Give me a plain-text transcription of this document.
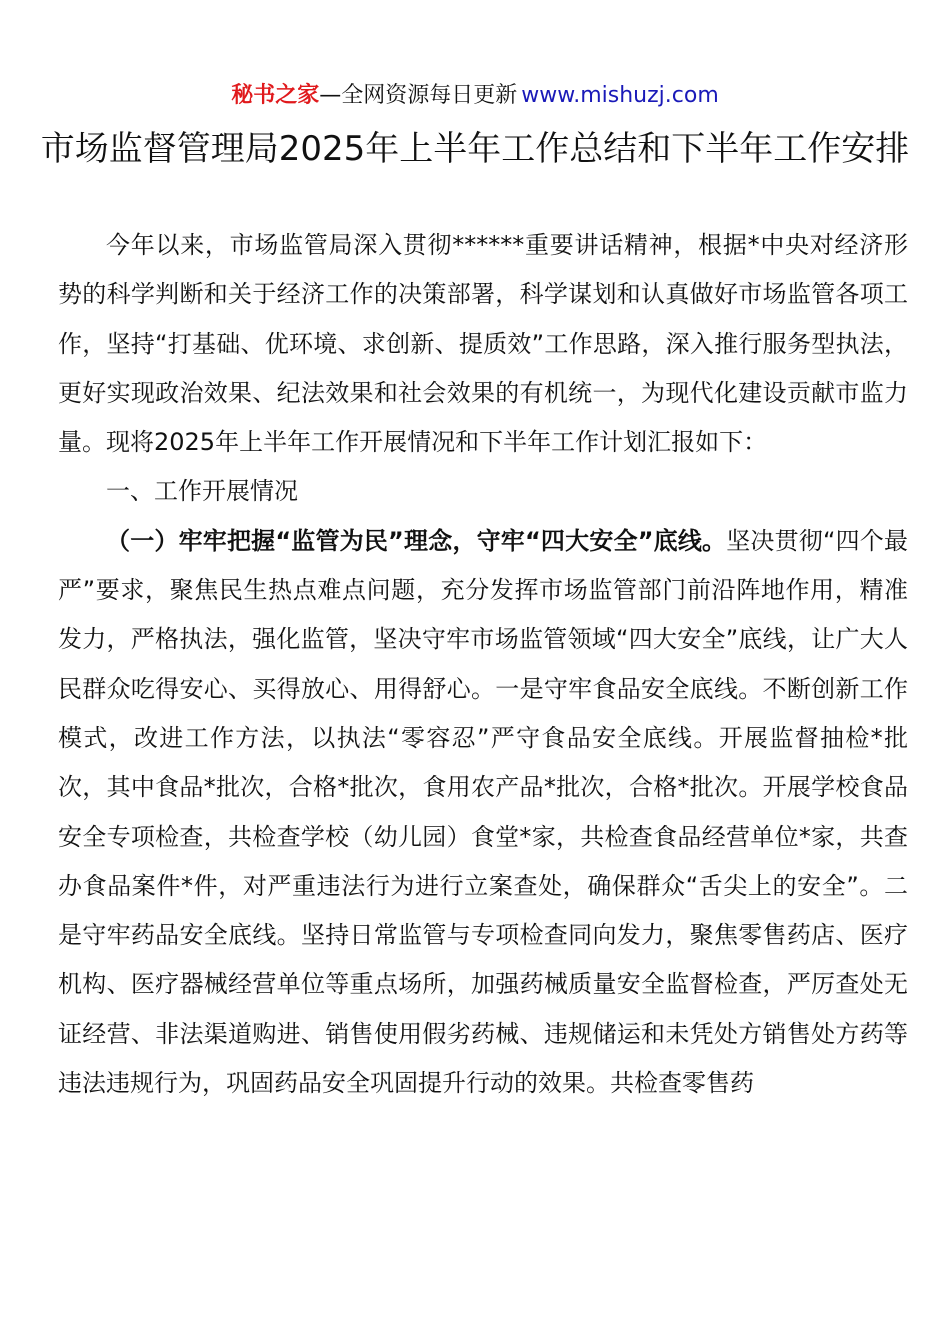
秘书之家—全网资源每日更新 www.mishuzj.com
市场监督管理局2025年上半年工作总结和下半年工作安排

今年以来，市场监管局深入贯彻******重要讲话精神，根据*中央对经济形势的科学判断和关于经济工作的决策部署，科学谋划和认真做好市场监管各项工作，坚持“打基础、优环境、求创新、提质效”工作思路，深入推行服务型执法，更好实现政治效果、纪法效果和社会效果的有机统一，为现代化建设贡献市监力量。现将2025年上半年工作开展情况和下半年工作计划汇报如下：

一、工作开展情况

（一）牢牢把握“监管为民”理念，守牢“四大安全”底线。坚决贯彻“四个最严”要求，聚焦民生热点难点问题，充分发挥市场监管部门前沿阵地作用，精准发力，严格执法，强化监管，坚决守牢市场监管领域“四大安全”底线，让广大人民群众吃得安心、买得放心、用得舒心。一是守牢食品安全底线。不断创新工作模式，改进工作方法，以执法“零容忍”严守食品安全底线。开展监督抽检*批次，其中食品*批次，合格*批次，食用农产品*批次，合格*批次。开展学校食品安全专项检查，共检查学校（幼儿园）食堂*家，共检查食品经营单位*家，共查办食品案件*件，对严重违法行为进行立案查处，确保群众“舌尖上的安全”。二是守牢药品安全底线。坚持日常监管与专项检查同向发力，聚焦零售药店、医疗机构、医疗器械经营单位等重点场所，加强药械质量安全监督检查，严厉查处无证经营、非法渠道购进、销售使用假劣药械、违规储运和未凭处方销售处方药等违法违规行为，巩固药品安全巩固提升行动的效果。共检查零售药
